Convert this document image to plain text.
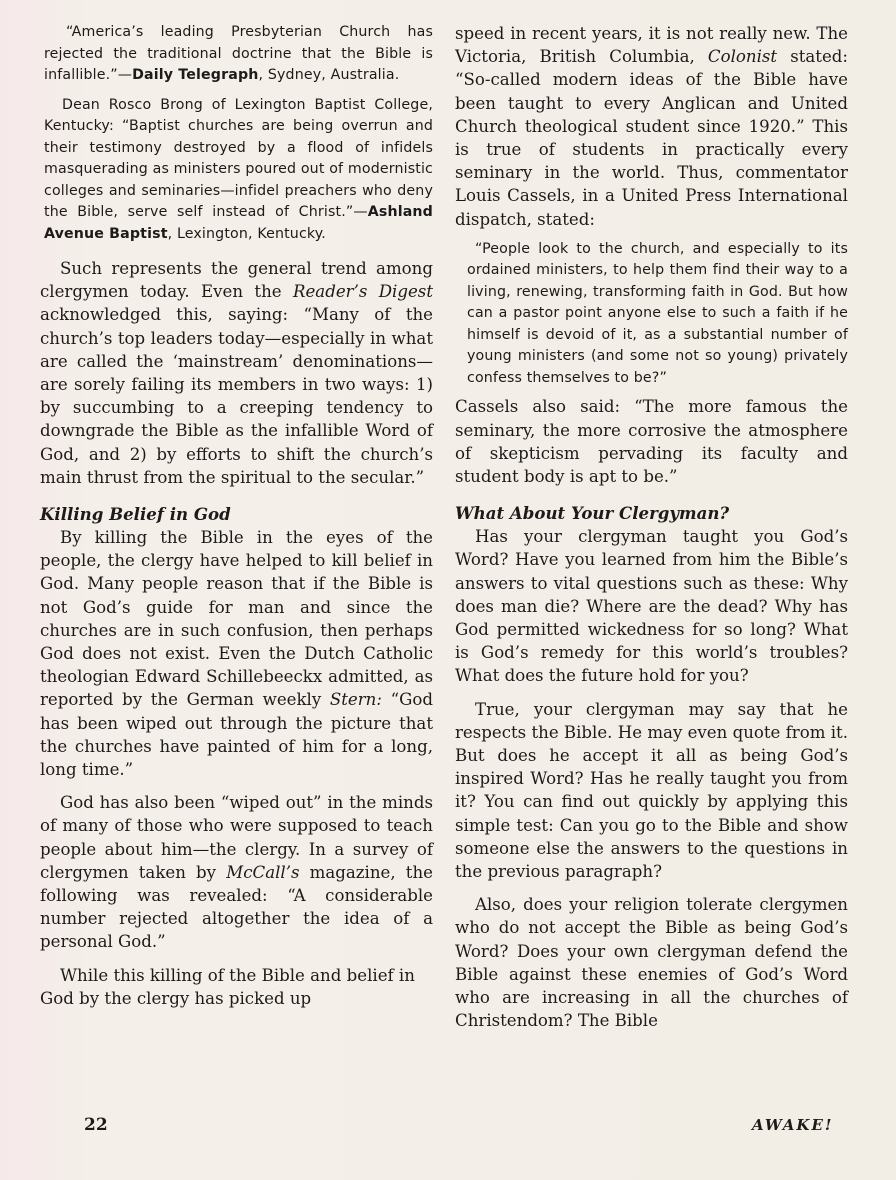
“America’s leading Presbyterian Church has rejected the traditional doctrine that the Bible is infallible.”—Daily Telegraph, Sydney, Australia.

Dean Rosco Brong of Lexington Baptist College, Kentucky: “Baptist churches are being overrun and their testimony destroyed by a flood of infidels masquerading as ministers poured out of modernistic colleges and seminaries—infidel preachers who deny the Bible, serve self instead of Christ.”—Ashland Avenue Baptist, Lexington, Kentucky.

Such represents the general trend among clergymen today. Even the Reader’s Digest acknowledged this, saying: “Many of the church’s top leaders today—especially in what are called the ‘mainstream’ denominations—are sorely failing its members in two ways: 1) by succumbing to a creeping tendency to downgrade the Bible as the infallible Word of God, and 2) by efforts to shift the church’s main thrust from the spiritual to the secular.”

Killing Belief in God

By killing the Bible in the eyes of the people, the clergy have helped to kill belief in God. Many people reason that if the Bible is not God’s guide for man and since the churches are in such confusion, then perhaps God does not exist. Even the Dutch Catholic theologian Edward Schillebeeckx admitted, as reported by the German weekly Stern: “God has been wiped out through the picture that the churches have painted of him for a long, long time.”

God has also been “wiped out” in the minds of many of those who were supposed to teach people about him—the clergy. In a survey of clergymen taken by McCall’s magazine, the following was revealed: “A considerable number rejected altogether the idea of a personal God.”

While this killing of the Bible and belief in God by the clergy has picked up

speed in recent years, it is not really new. The Victoria, British Columbia, Colonist stated: “So-called modern ideas of the Bible have been taught to every Anglican and United Church theological student since 1920.” This is true of students in practically every seminary in the world. Thus, commentator Louis Cassels, in a United Press International dispatch, stated:

“People look to the church, and especially to its ordained ministers, to help them find their way to a living, renewing, transforming faith in God. But how can a pastor point anyone else to such a faith if he himself is devoid of it, as a substantial number of young ministers (and some not so young) privately confess themselves to be?”

Cassels also said: “The more famous the seminary, the more corrosive the atmosphere of skepticism pervading its faculty and student body is apt to be.”

What About Your Clergyman?

Has your clergyman taught you God’s Word? Have you learned from him the Bible’s answers to vital questions such as these: Why does man die? Where are the dead? Why has God permitted wickedness for so long? What is God’s remedy for this world’s troubles? What does the future hold for you?

True, your clergyman may say that he respects the Bible. He may even quote from it. But does he accept it all as being God’s inspired Word? Has he really taught you from it? You can find out quickly by applying this simple test: Can you go to the Bible and show someone else the answers to the questions in the previous paragraph?

Also, does your religion tolerate clergymen who do not accept the Bible as being God’s Word? Does your own clergyman defend the Bible against these enemies of God’s Word who are increasing in all the churches of Christendom? The Bible

22	AWAKE!
